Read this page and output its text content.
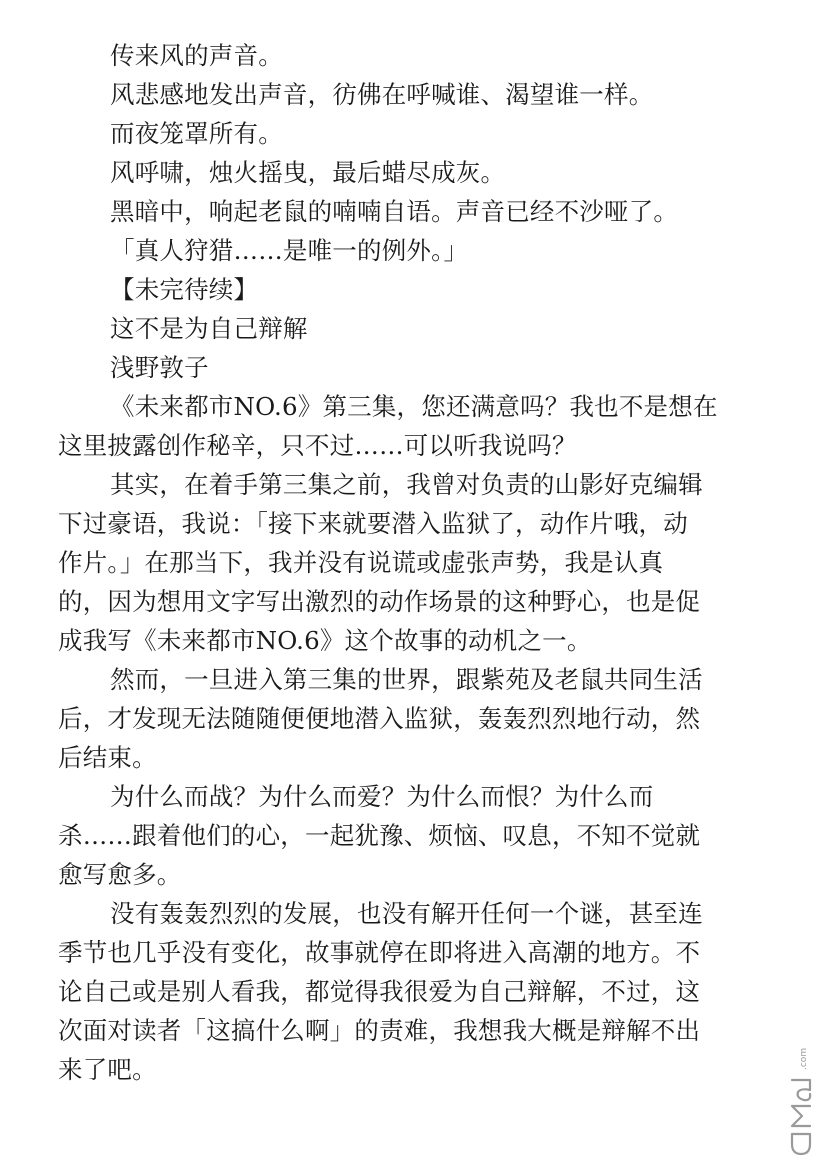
传来风的声音。
风悲感地发出声音，彷佛在呼喊谁、渴望谁一样。
而夜笼罩所有。
风呼啸，烛火摇曳，最后蜡尽成灰。
黑暗中，响起老鼠的喃喃自语。声音已经不沙哑了。
「真人狩猎……是唯一的例外。」
【未完待续】
这不是为自己辩解
浅野敦子
《未来都市NO.6》第三集，您还满意吗？我也不是想在
这里披露创作秘辛，只不过……可以听我说吗？
其实，在着手第三集之前，我曾对负责的山影好克编辑
下过豪语，我说：「接下来就要潜入监狱了，动作片哦，动
作片。」在那当下，我并没有说谎或虚张声势，我是认真
的，因为想用文字写出激烈的动作场景的这种野心，也是促
成我写《未来都市NO.6》这个故事的动机之一。
然而，一旦进入第三集的世界，跟紫苑及老鼠共同生活
后，才发现无法随随便便地潜入监狱，轰轰烈烈地行动，然
后结束。
为什么而战？为什么而爱？为什么而恨？为什么而
杀……跟着他们的心，一起犹豫、烦恼、叹息，不知不觉就
愈写愈多。
没有轰轰烈烈的发展，也没有解开任何一个谜，甚至连
季节也几乎没有变化，故事就停在即将进入高潮的地方。不
论自己或是别人看我，都觉得我很爱为自己辩解，不过，这
次面对读者「这搞什么啊」的责难，我想我大概是辩解不出
来了吧。	.com
